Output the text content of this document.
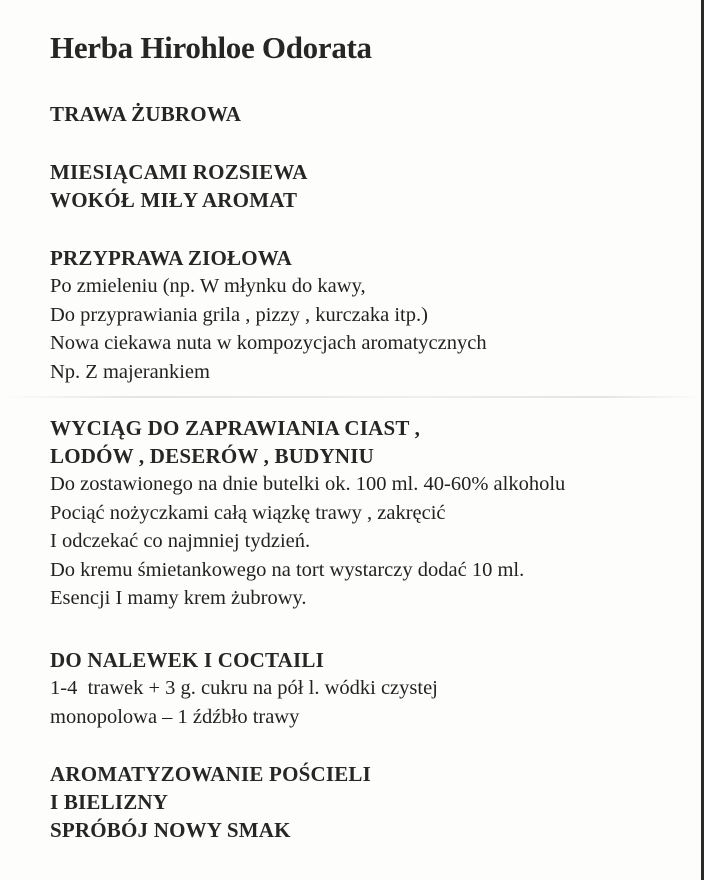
Herba Hirohloe Odorata

TRAWA ŻUBROWA

MIESIĄCAMI ROZSIEWA

WOKÓŁ MIŁY AROMAT

PRZYPRAWA ZIOŁOWA

Po zmieleniu (np. W młynku do kawy,

Do przyprawiania grila , pizzy , kurczaka itp.)

Nowa ciekawa nuta w kompozycjach aromatycznych

Np. Z majerankiem

WYCIĄG DO ZAPRAWIANIA CIAST ,

LODÓW , DESERÓW , BUDYNIU

Do zostawionego na dnie butelki ok. 100 ml. 40-60% alkoholu

Pociąć nożyczkami całą wiązkę trawy , zakręcić

I odczekać co najmniej tydzień.

Do kremu śmietankowego na tort wystarczy dodać 10 ml.

Esencji I mamy krem żubrowy.

DO NALEWEK I COCTAILI

1-4  trawek + 3 g. cukru na pół l. wódki czystej

monopolowa – 1 źdźbło trawy

AROMATYZOWANIE POŚCIELI

I BIELIZNY

SPRÓBÓJ NOWY SMAK
